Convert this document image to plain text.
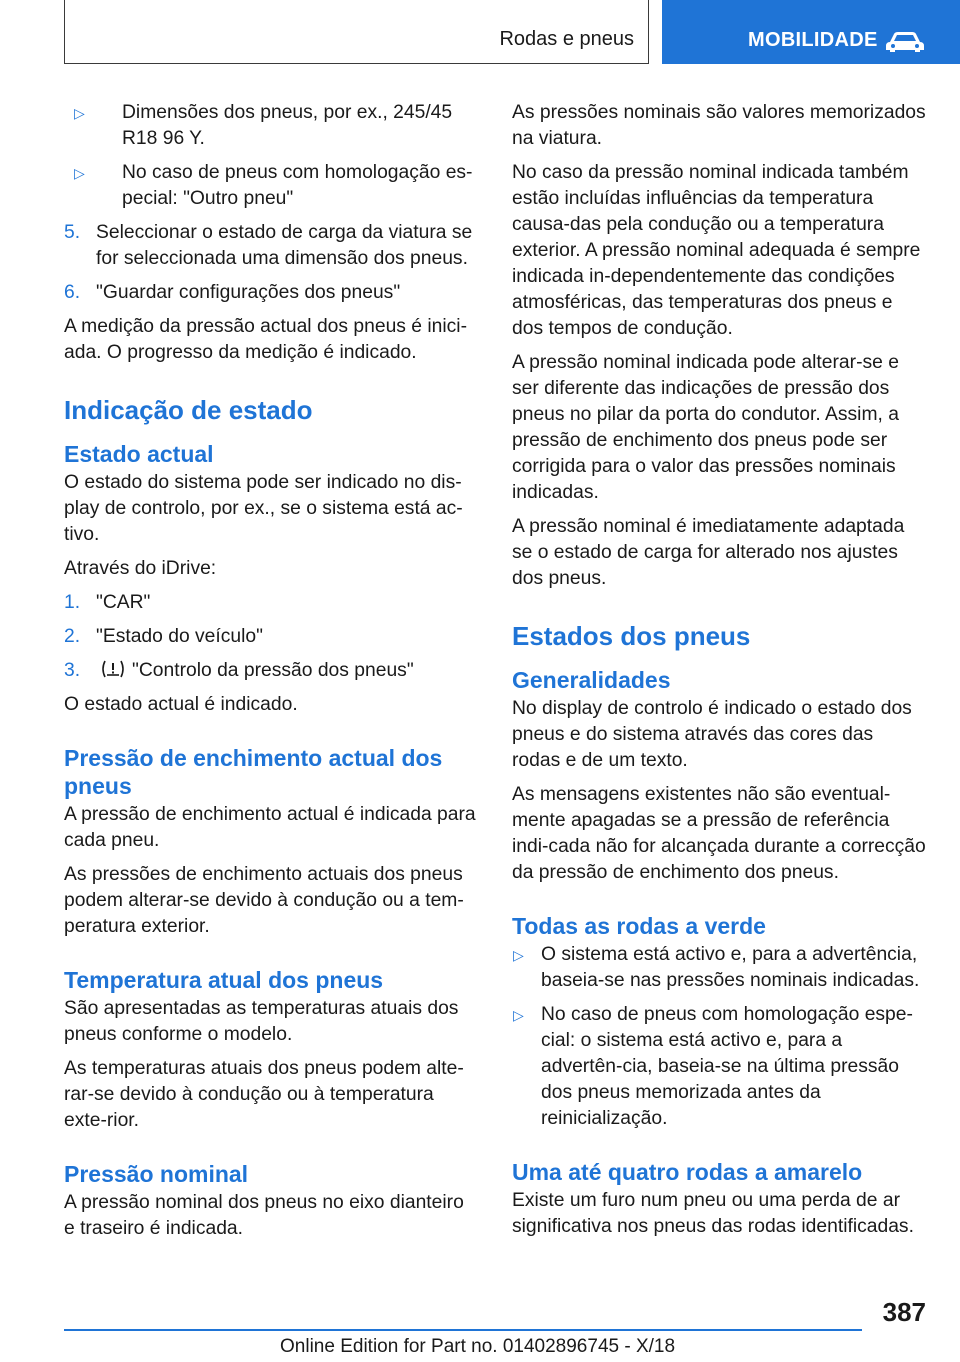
Rodas e pneus	MOBILIDADE
▷ Dimensões dos pneus, por ex., 245/45 R18 96 Y.
▷ No caso de pneus com homologação es-pecial: "Outro pneu"
5. Seleccionar o estado de carga da viatura se for seleccionada uma dimensão dos pneus.
6. "Guardar configurações dos pneus"

A medição da pressão actual dos pneus é inici-ada. O progresso da medição é indicado.

Indicação de estado
Estado actual

O estado do sistema pode ser indicado no dis-play de controlo, por ex., se o sistema está ac-tivo.

Através do iDrive:

1. "CAR"
2. "Estado do veículo"
3.	"Controlo da pressão dos pneus"

O estado actual é indicado.

Pressão de enchimento actual dos pneus

A pressão de enchimento actual é indicada para cada pneu.

As pressões de enchimento actuais dos pneus podem alterar-se devido à condução ou a tem-peratura exterior.

Temperatura atual dos pneus

São apresentadas as temperaturas atuais dos pneus conforme o modelo.

As temperaturas atuais dos pneus podem alte-rar-se devido à condução ou à temperatura exte-rior.

Pressão nominal

A pressão nominal dos pneus no eixo dianteiro e traseiro é indicada.

As pressões nominais são valores memorizados na viatura.

No caso da pressão nominal indicada também estão incluídas influências da temperatura causa-das pela condução ou a temperatura exterior. A pressão nominal adequada é sempre indicada in-dependentemente das condições atmosféricas, das temperaturas dos pneus e dos tempos de condução.

A pressão nominal indicada pode alterar-se e ser diferente das indicações de pressão dos pneus no pilar da porta do condutor. Assim, a pressão de enchimento dos pneus pode ser corrigida para o valor das pressões nominais indicadas.

A pressão nominal é imediatamente adaptada se o estado de carga for alterado nos ajustes dos pneus.

Estados dos pneus
Generalidades

No display de controlo é indicado o estado dos pneus e do sistema através das cores das rodas e de um texto.

As mensagens existentes não são eventual-mente apagadas se a pressão de referência indi-cada não for alcançada durante a correcção da pressão de enchimento dos pneus.

Todas as rodas a verde
▷ O sistema está activo e, para a advertência, baseia-se nas pressões nominais indicadas.
▷ No caso de pneus com homologação espe-cial: o sistema está activo e, para a advertên-cia, baseia-se na última pressão dos pneus memorizada antes da reinicialização.
Uma até quatro rodas a amarelo

Existe um furo num pneu ou uma perda de ar significativa nos pneus das rodas identificadas.

387
Online Edition for Part no. 01402896745 - X/18
